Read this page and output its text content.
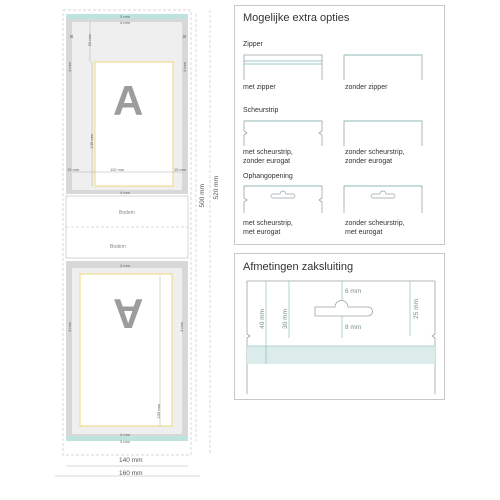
3 mm
4 mm
4 mm	4 mm
50 mm
145 mm
15 mm	15 mm
110 mm
4 mm
A
Bodem
Bodem
4 mm
4 mm	4 mm
235 mm
A
4 mm
3 mm
500 mm 520 mm
140 mm
160 mm
Mogelijke extra opties
Zipper
met zipper	zonder zipper
Scheurstrip
met scheurstrip,
zonder eurogat
zonder scheurstrip,
zonder eurogat
Ophangopening
met scheurstrip,
met eurogat
zonder scheurstrip,
met eurogat
Afmetingen zaksluiting
40 mm 30 mm
6 mm
8 mm
25 mm
